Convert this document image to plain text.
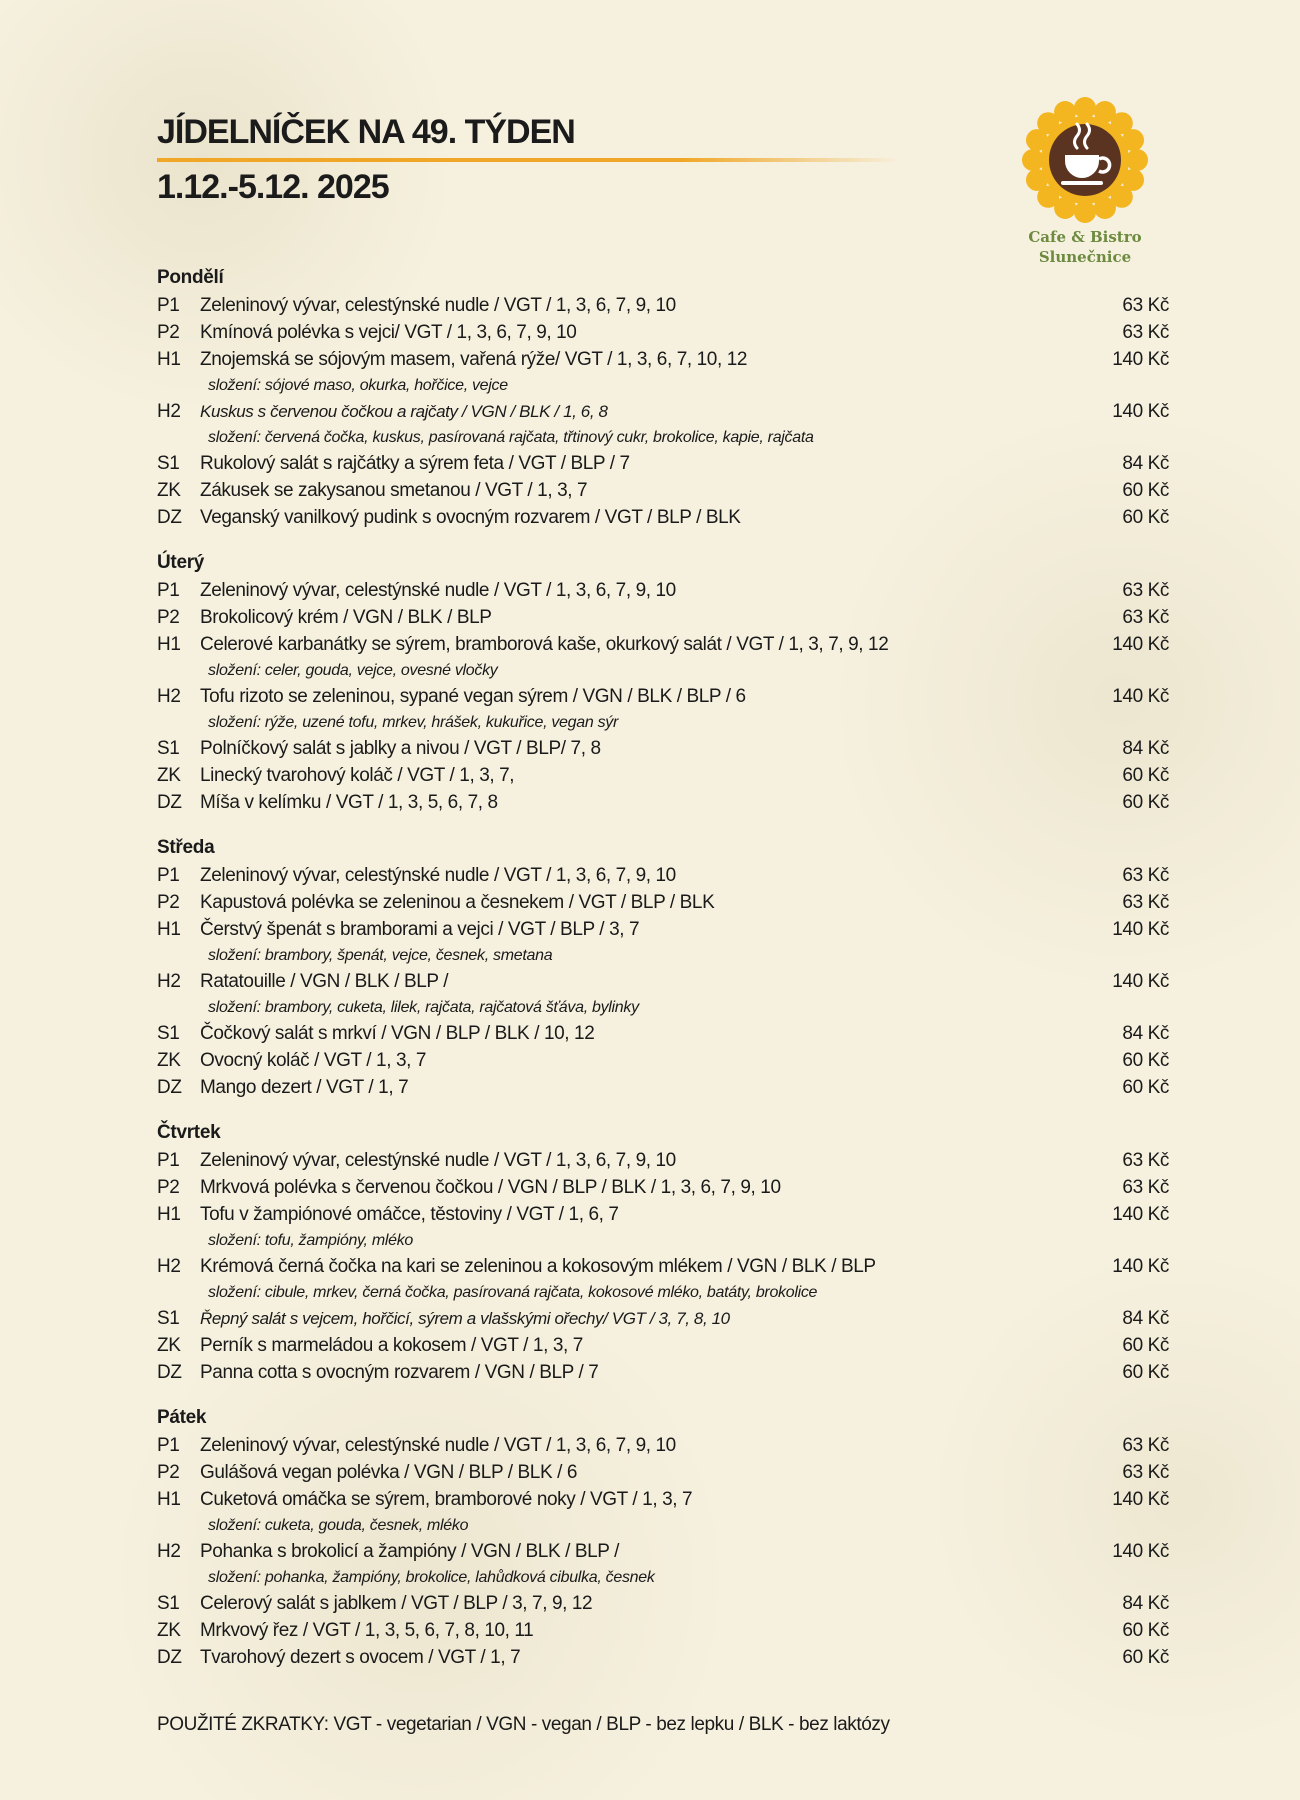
JÍDELNÍČEK NA 49. TÝDEN
1.12.-5.12. 2025
Cafe & Bistro
Slunečnice
Pondělí
P1	Zeleninový vývar, celestýnské nudle / VGT / 1, 3, 6, 7, 9, 10	63 Kč
P2	Kmínová polévka s vejci/ VGT / 1, 3, 6, 7, 9, 10	63 Kč
H1	Znojemská se sójovým masem, vařená rýže/ VGT / 1, 3, 6, 7, 10, 12	140 Kč
složení: sójové maso, okurka, hořčice, vejce
H2	Kuskus s červenou čočkou a rajčaty / VGN / BLK / 1, 6, 8	140 Kč
složení: červená čočka, kuskus, pasírovaná rajčata, třtinový cukr, brokolice, kapie, rajčata
S1	Rukolový salát s rajčátky a sýrem feta / VGT / BLP / 7	84 Kč
ZK	Zákusek se zakysanou smetanou / VGT / 1, 3, 7	60 Kč
DZ Veganský vanilkový pudink s ovocným rozvarem / VGT / BLP / BLK	60 Kč
Úterý
P1	Zeleninový vývar, celestýnské nudle / VGT / 1, 3, 6, 7, 9, 10	63 Kč
P2	Brokolicový krém / VGN / BLK / BLP	63 Kč
H1	Celerové karbanátky se sýrem, bramborová kaše, okurkový salát / VGT / 1, 3, 7, 9, 12	140 Kč
složení: celer, gouda, vejce, ovesné vločky
H2	Tofu rizoto se zeleninou, sypané vegan sýrem / VGN / BLK / BLP / 6	140 Kč
složení: rýže, uzené tofu, mrkev, hrášek, kukuřice, vegan sýr
S1	Polníčkový salát s jablky a nivou / VGT / BLP/ 7, 8	84 Kč
ZK	Linecký tvarohový koláč / VGT / 1, 3, 7,	60 Kč
DZ Míša v kelímku / VGT / 1, 3, 5, 6, 7, 8	60 Kč
Středa
P1	Zeleninový vývar, celestýnské nudle / VGT / 1, 3, 6, 7, 9, 10	63 Kč
P2	Kapustová polévka se zeleninou a česnekem / VGT / BLP / BLK	63 Kč
H1	Čerstvý špenát s bramborami a vejci / VGT / BLP / 3, 7	140 Kč
složení: brambory, špenát, vejce, česnek, smetana
H2	Ratatouille / VGN / BLK / BLP /	140 Kč
složení: brambory, cuketa, lilek, rajčata, rajčatová šťáva, bylinky
S1	Čočkový salát s mrkví / VGN / BLP / BLK / 10, 12	84 Kč
ZK	Ovocný koláč / VGT / 1, 3, 7	60 Kč
DZ Mango dezert / VGT / 1, 7	60 Kč
Čtvrtek
P1	Zeleninový vývar, celestýnské nudle / VGT / 1, 3, 6, 7, 9, 10	63 Kč
P2	Mrkvová polévka s červenou čočkou / VGN / BLP / BLK / 1, 3, 6, 7, 9, 10	63 Kč
H1	Tofu v žampiónové omáčce, těstoviny / VGT / 1, 6, 7	140 Kč
složení: tofu, žampióny, mléko
H2	Krémová černá čočka na kari se zeleninou a kokosovým mlékem / VGN / BLK / BLP	140 Kč
složení: cibule, mrkev, černá čočka, pasírovaná rajčata, kokosové mléko, batáty, brokolice
S1	Řepný salát s vejcem, hořčicí, sýrem a vlašskými ořechy/ VGT / 3, 7, 8, 10	84 Kč
ZK	Perník s marmeládou a kokosem / VGT / 1, 3, 7	60 Kč
DZ Panna cotta s ovocným rozvarem / VGN / BLP / 7	60 Kč
Pátek
P1	Zeleninový vývar, celestýnské nudle / VGT / 1, 3, 6, 7, 9, 10	63 Kč
P2	Gulášová vegan polévka / VGN / BLP / BLK / 6	63 Kč
H1	Cuketová omáčka se sýrem, bramborové noky / VGT / 1, 3, 7	140 Kč
složení: cuketa, gouda, česnek, mléko
H2	Pohanka s brokolicí a žampióny / VGN / BLK / BLP /	140 Kč
složení: pohanka, žampióny, brokolice, lahůdková cibulka, česnek
S1	Celerový salát s jablkem / VGT / BLP / 3, 7, 9, 12	84 Kč
ZK	Mrkvový řez / VGT / 1, 3, 5, 6, 7, 8, 10, 11	60 Kč
DZ Tvarohový dezert s ovocem / VGT / 1, 7	60 Kč
POUŽITÉ ZKRATKY: VGT - vegetarian / VGN - vegan / BLP - bez lepku / BLK - bez laktózy
